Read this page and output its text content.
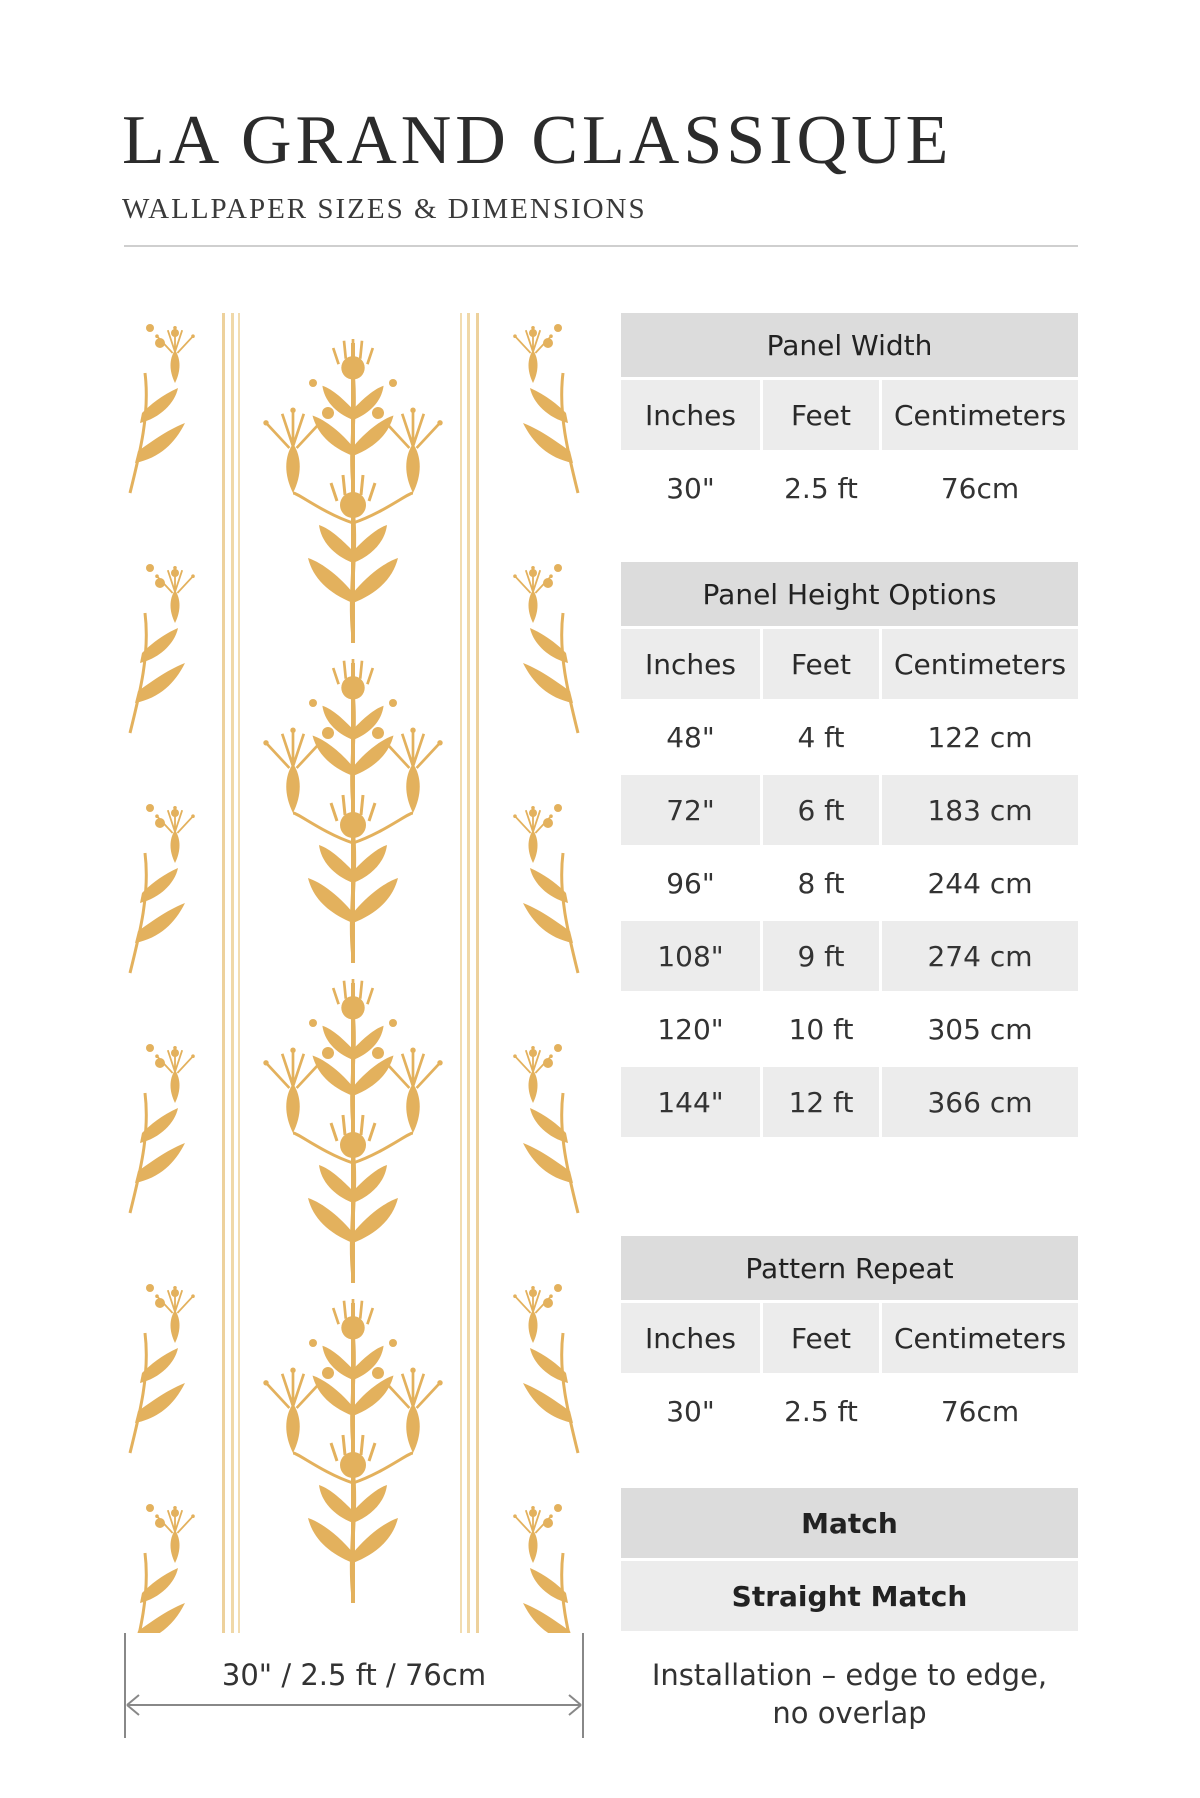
LA GRAND CLASSIQUE
WALLPAPER SIZES & DIMENSIONS
30" / 2.5 ft / 76cm
Panel Width
Inches	Feet	Centimeters
30"	2.5 ft	76cm
Panel Height Options
Inches	Feet	Centimeters
48"	4 ft	122 cm
72"	6 ft	183 cm
96"	8 ft	244 cm
108"	9 ft	274 cm
120"	10 ft	305 cm
144"	12 ft	366 cm
Pattern Repeat
Inches	Feet	Centimeters
30"	2.5 ft	76cm
Match
Straight Match
Installation – edge to edge,
no overlap
